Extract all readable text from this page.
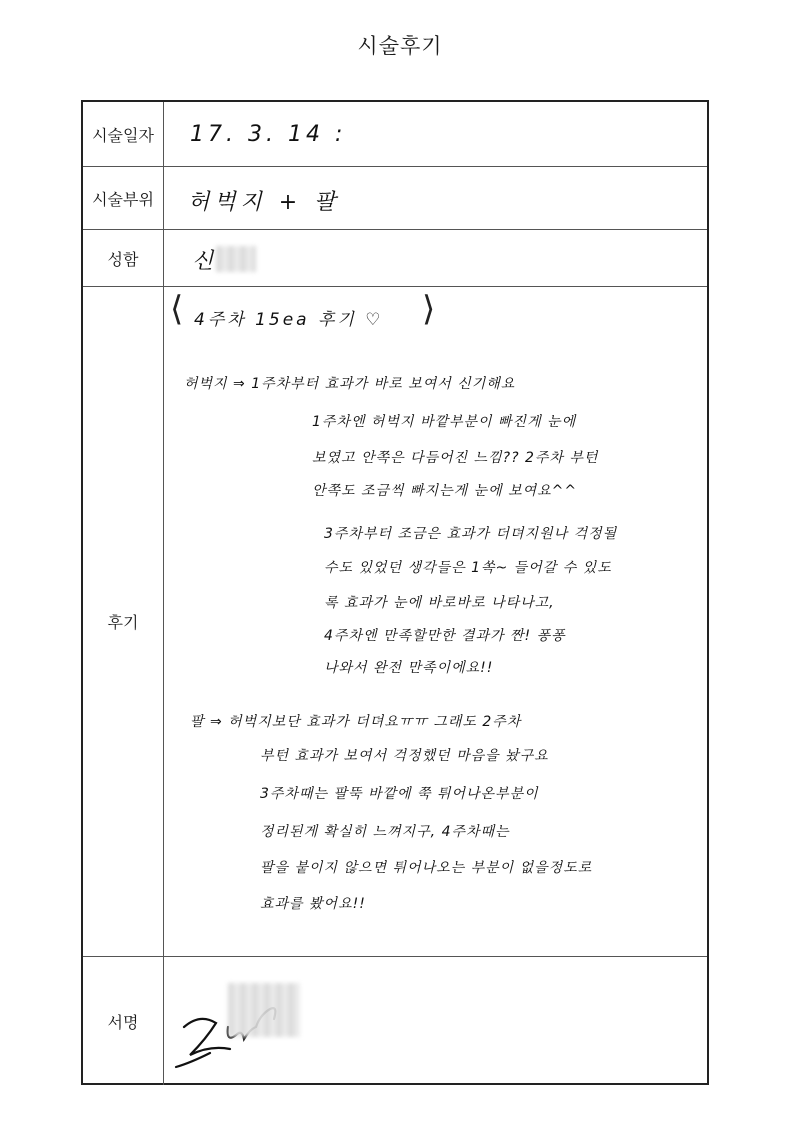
시술후기
시술일자	17. 3. 14 :
시술부위	허벅지 + 팔
성함	신
후기
⟨ 4주차 15ea 후기 ♡ ⟩
허벅지 ⇒ 1주차부터 효과가 바로 보여서 신기해요
1주차엔 허벅지 바깥부분이 빠진게 눈에
보였고 안쪽은 다듬어진 느낌?? 2주차 부턴
안쪽도 조금씩 빠지는게 눈에 보여요^^
3주차부터 조금은 효과가 더뎌지원나 걱정될
수도 있었던 생각들은 1쏙~ 들어갈 수 있도
록 효과가 눈에 바로바로 나타나고,
4주차엔 만족할만한 결과가 짠! 퐁퐁
나와서 완전 만족이에요!!
팔 ⇒ 허벅지보단 효과가 더뎌요ㅠㅠ 그래도 2주차
부턴 효과가 보여서 걱정했던 마음을 놨구요
3주차때는 팔뚝 바깥에 쭉 튀어나온부분이
정리된게 확실히 느껴지구, 4주차때는
팔을 붙이지 않으면 튀어나오는 부분이 없을정도로
효과를 봤어요!!
서명
